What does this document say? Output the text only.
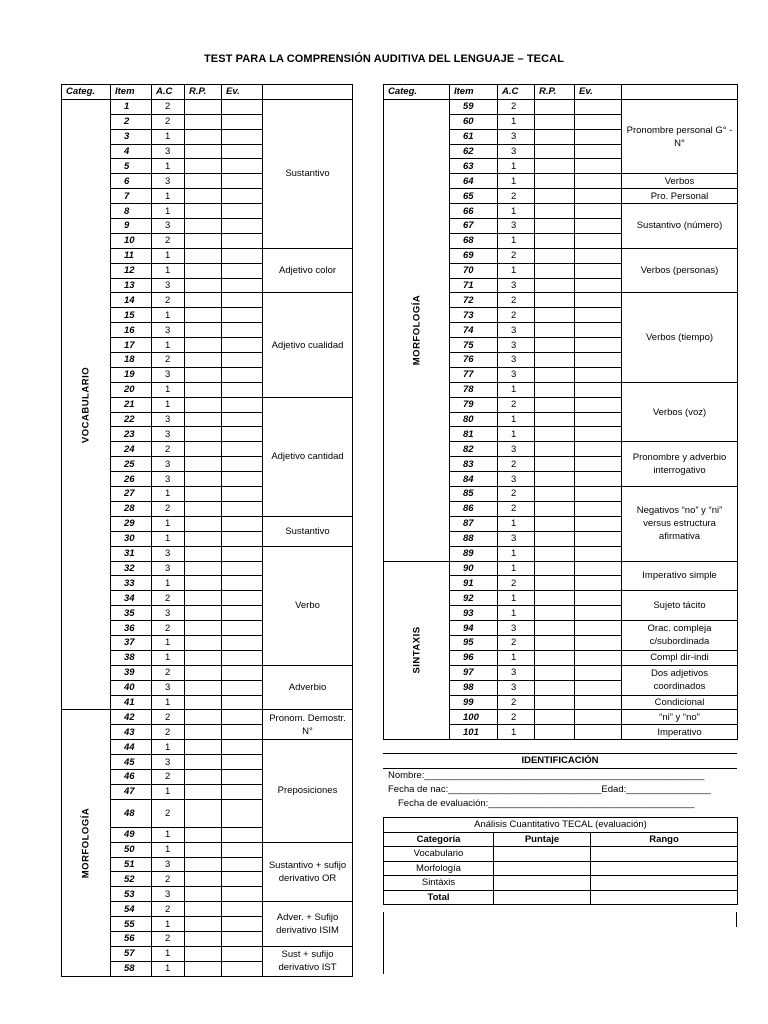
TEST PARA LA COMPRENSIÓN AUDITIVA DEL LENGUAJE – TECAL
Categ.	Item	A.C	R.P.	Ev.	

VOCABULARIO	1	2			Sustantivo
	2	2			
	3	1			
	4	3			
	5	1			
	6	3			
	7	1			
	8	1			
	9	3			
	10	2			
	11	1			Adjetivo color
	12	1			
	13	3			
	14	2			Adjetivo cualidad
	15	1			
	16	3			
	17	1			
	18	2			
	19	3			
	20	1			
	21	1			Adjetivo cantidad
	22	3			
	23	3			
	24	2			
	25	3			
	26	3			
	27	1			
	28	2			
	29	1			Sustantivo
	30	1			
	31	3			Verbo
	32	3			
	33	1			
	34	2			
	35	3			
	36	2			
	37	1			
	38	1			
	39	2			Adverbio
	40	3			
	41	1			

MORFOLOGÍA	42	2			Pronom. Demostr. N°
	43	2			
	44	1			Preposiciones
	45	3			
	46	2			
	47	1			
	48	2			
	49	1			
	50	1			Sustantivo + sufijo derivativo OR
	51	3			
	52	2			
	53	3			
	54	2			Adver. + Sufijo derivativo ISIM
	55	1			
	56	2			
	57	1			Sust + sufijo derivativo IST
	58	1			
Categ.	Item	A.C	R.P.	Ev.	

MORFOLOGÍA	59	2			Pronombre personal G° - N°
	60	1			
	61	3			
	62	3			
	63	1			
	64	1			Verbos
	65	2			Pro. Personal
	66	1			Sustantivo (número)
	67	3			
	68	1			
	69	2			Verbos (personas)
	70	1			
	71	3			
	72	2			Verbos (tiempo)
	73	2			
	74	3			
	75	3			
	76	3			
	77	3			
	78	1			Verbos (voz)
	79	2			
	80	1			
	81	1			
	82	3			Pronombre y adverbio interrogativo
	83	2			
	84	3			
	85	2			Negativos “no” y “ni” versus estructura afirmativa
	86	2			
	87	1			
	88	3			
	89	1			

SINTAXIS	90	1			Imperativo simple
	91	2			
	92	1			Sujeto tácito
	93	1			
	94	3			Orac. compleja c/subordinada
	95	2			
	96	1			Compl dir-indi
	97	3			Dos adjetivos coordinados
	98	3			
	99	2			Condicional
	100	2			“ni” y “no”
	101	1			Imperativo
IDENTIFICACIÓN
Nombre:_____________________________________________________
Fecha de nac:_____________________________Edad:________________
Fecha de evaluación:_______________________________________
Análisis Cuantitativo TECAL (evaluación)		
Categoría	Puntaje	Rango
Vocabulario		
Morfología		
Sintáxis		
Total		
